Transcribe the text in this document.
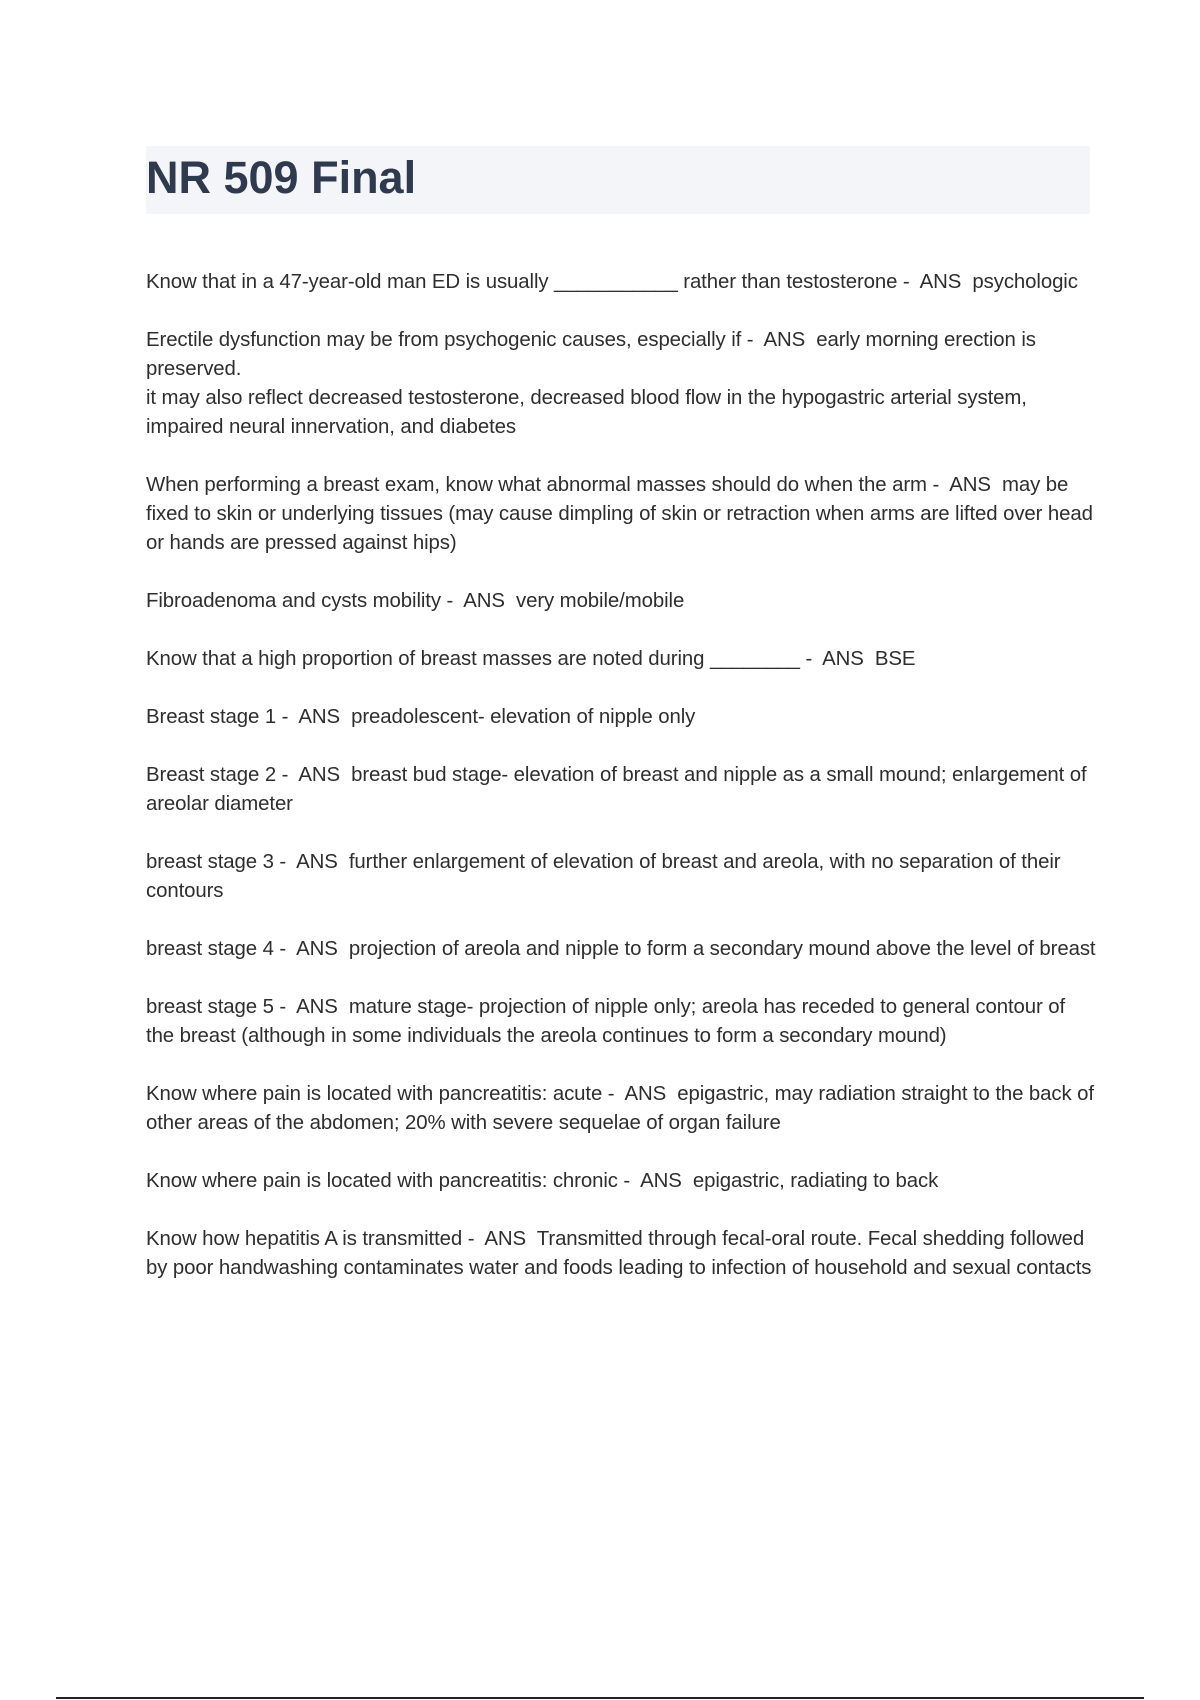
NR 509 Final

Know that in a 47-year-old man ED is usually ___________ rather than testosterone -  ANS  psychologic

Erectile dysfunction may be from psychogenic causes, especially if -  ANS  early morning erection is preserved.
it may also reflect decreased testosterone, decreased blood flow in the hypogastric arterial system, impaired neural innervation, and diabetes

When performing a breast exam, know what abnormal masses should do when the arm -  ANS  may be fixed to skin or underlying tissues (may cause dimpling of skin or retraction when arms are lifted over head or hands are pressed against hips)

Fibroadenoma and cysts mobility -  ANS  very mobile/mobile

Know that a high proportion of breast masses are noted during ________ -  ANS  BSE

Breast stage 1 -  ANS  preadolescent- elevation of nipple only

Breast stage 2 -  ANS  breast bud stage- elevation of breast and nipple as a small mound; enlargement of areolar diameter

breast stage 3 -  ANS  further enlargement of elevation of breast and areola, with no separation of their contours

breast stage 4 -  ANS  projection of areola and nipple to form a secondary mound above the level of breast

breast stage 5 -  ANS  mature stage- projection of nipple only; areola has receded to general contour of the breast (although in some individuals the areola continues to form a secondary mound)

Know where pain is located with pancreatitis: acute -  ANS  epigastric, may radiation straight to the back of other areas of the abdomen; 20% with severe sequelae of organ failure

Know where pain is located with pancreatitis: chronic -  ANS  epigastric, radiating to back

Know how hepatitis A is transmitted -  ANS  Transmitted through fecal-oral route. Fecal shedding followed by poor handwashing contaminates water and foods leading to infection of household and sexual contacts
